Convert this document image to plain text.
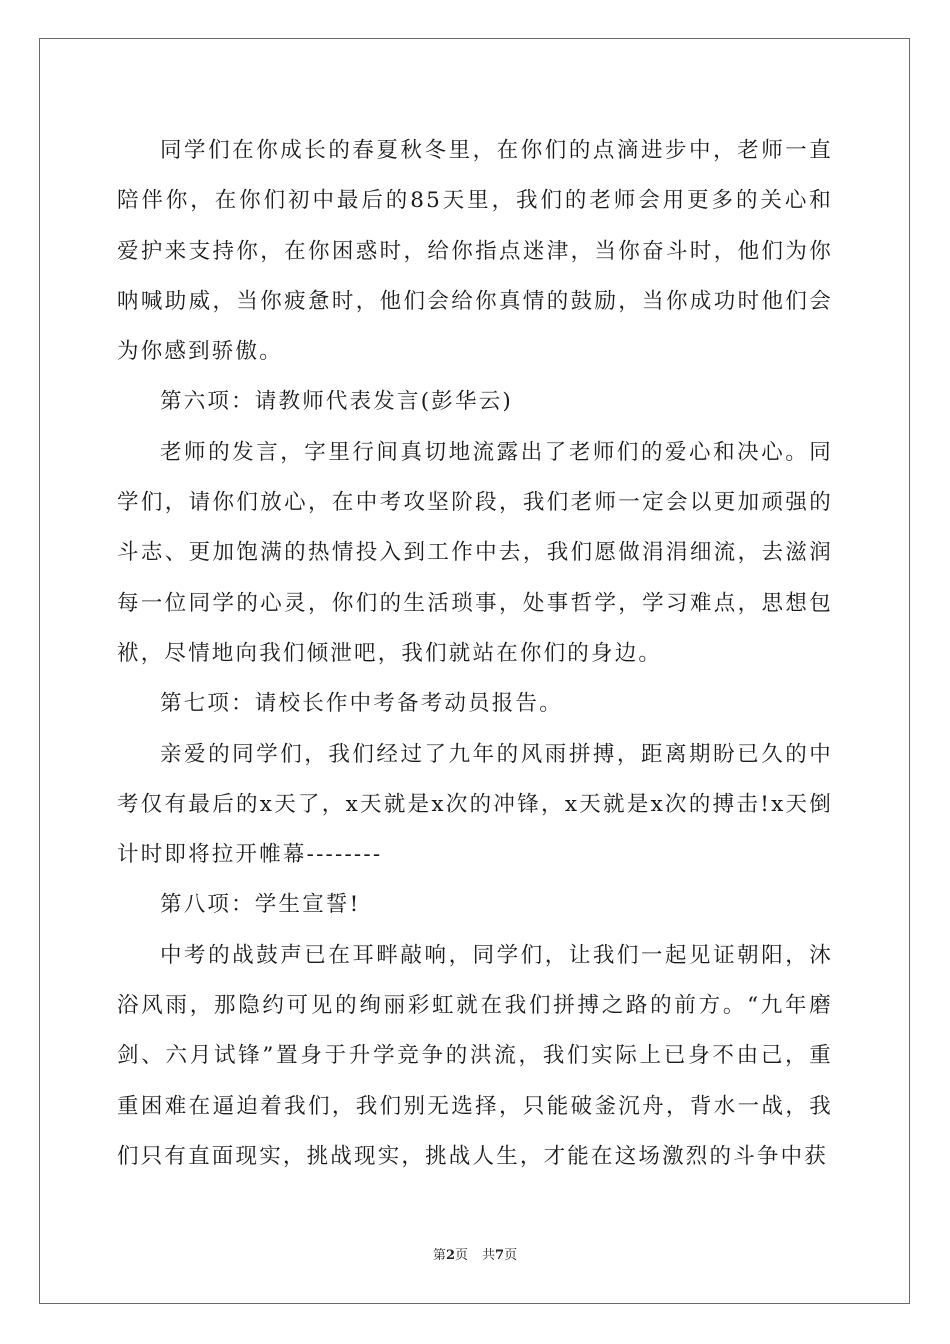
同学们在你成长的春夏秋冬里，在你们的点滴进步中，老师一直陪伴你，在你们初中最后的85天里，我们的老师会用更多的关心和爱护来支持你，在你困惑时，给你指点迷津，当你奋斗时，他们为你呐喊助威，当你疲惫时，他们会给你真情的鼓励，当你成功时他们会为你感到骄傲。

第六项：请教师代表发言(彭华云)

老师的发言，字里行间真切地流露出了老师们的爱心和决心。同学们，请你们放心，在中考攻坚阶段，我们老师一定会以更加顽强的斗志、更加饱满的热情投入到工作中去，我们愿做涓涓细流，去滋润每一位同学的心灵，你们的生活琐事，处事哲学，学习难点，思想包袱，尽情地向我们倾泄吧，我们就站在你们的身边。

第七项：请校长作中考备考动员报告。

亲爱的同学们，我们经过了九年的风雨拼搏，距离期盼已久的中考仅有最后的x天了，x天就是x次的冲锋，x天就是x次的搏击!x天倒计时即将拉开帷幕--------

第八项：学生宣誓!

中考的战鼓声已在耳畔敲响，同学们，让我们一起见证朝阳，沐浴风雨，那隐约可见的绚丽彩虹就在我们拼搏之路的前方。“九年磨剑、六月试锋”置身于升学竞争的洪流，我们实际上已身不由己，重重困难在逼迫着我们，我们别无选择，只能破釜沉舟，背水一战，我们只有直面现实，挑战现实，挑战人生，才能在这场激烈的斗争中获

第2页 共7页
